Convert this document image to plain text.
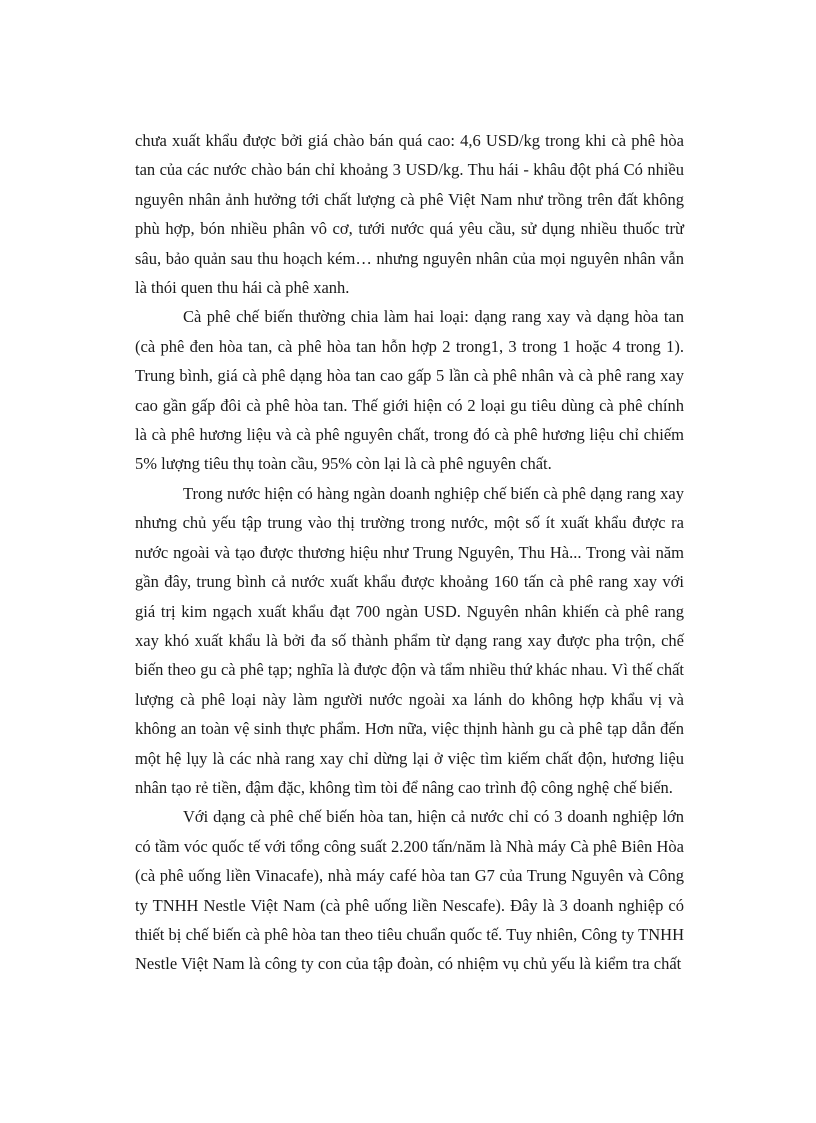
chưa xuất khẩu được bởi giá chào bán quá cao: 4,6 USD/kg trong khi cà phê hòa tan của các nước chào bán chỉ khoảng 3 USD/kg. Thu hái - khâu đột phá Có nhiều nguyên nhân ảnh hưởng tới chất lượng cà phê Việt Nam như trồng trên đất không phù hợp, bón nhiều phân vô cơ, tưới nước quá yêu cầu, sử dụng nhiều thuốc trừ sâu, bảo quản sau thu hoạch kém… nhưng nguyên nhân của mọi nguyên nhân vẫn là thói quen thu hái cà phê xanh.

Cà phê chế biến thường chia làm hai loại: dạng rang xay và dạng hòa tan (cà phê đen hòa tan, cà phê hòa tan hỗn hợp 2 trong1, 3 trong 1 hoặc 4 trong 1). Trung bình, giá cà phê dạng hòa tan cao gấp 5 lần cà phê nhân và cà phê rang xay cao gần gấp đôi cà phê hòa tan. Thế giới hiện có 2 loại gu tiêu dùng cà phê chính là cà phê hương liệu và cà phê nguyên chất, trong đó cà phê hương liệu chỉ chiếm 5% lượng tiêu thụ toàn cầu, 95% còn lại là cà phê nguyên chất.

Trong nước hiện có hàng ngàn doanh nghiệp chế biến cà phê dạng rang xay nhưng chủ yếu tập trung vào thị trường trong nước, một số ít xuất khẩu được ra nước ngoài và tạo được thương hiệu như Trung Nguyên, Thu Hà... Trong vài năm gần đây, trung bình cả nước xuất khẩu được khoảng 160 tấn cà phê rang xay với giá trị kim ngạch xuất khẩu đạt 700 ngàn USD. Nguyên nhân khiến cà phê rang xay khó xuất khẩu là bởi đa số thành phẩm từ dạng rang xay được pha trộn, chế biến theo gu cà phê tạp; nghĩa là được độn và tẩm nhiều thứ khác nhau. Vì thế chất lượng cà phê loại này làm người nước ngoài xa lánh do không hợp khẩu vị và không an toàn vệ sinh thực phẩm. Hơn nữa, việc thịnh hành gu cà phê tạp dẫn đến một hệ lụy là các nhà rang xay chỉ dừng lại ở việc tìm kiếm chất độn, hương liệu nhân tạo rẻ tiền, đậm đặc, không tìm tòi để nâng cao trình độ công nghệ chế biến.

Với dạng cà phê chế biến hòa tan, hiện cả nước chỉ có 3 doanh nghiệp lớn có tầm vóc quốc tế với tổng công suất 2.200 tấn/năm là Nhà máy Cà phê Biên Hòa (cà phê uống liền Vinacafe), nhà máy café hòa tan G7 của Trung Nguyên và Công ty TNHH Nestle Việt Nam (cà phê uống liền Nescafe). Đây là 3 doanh nghiệp có thiết bị chế biến cà phê hòa tan theo tiêu chuẩn quốc tế. Tuy nhiên, Công ty TNHH Nestle Việt Nam là công ty con của tập đoàn, có nhiệm vụ chủ yếu là kiểm tra chất
